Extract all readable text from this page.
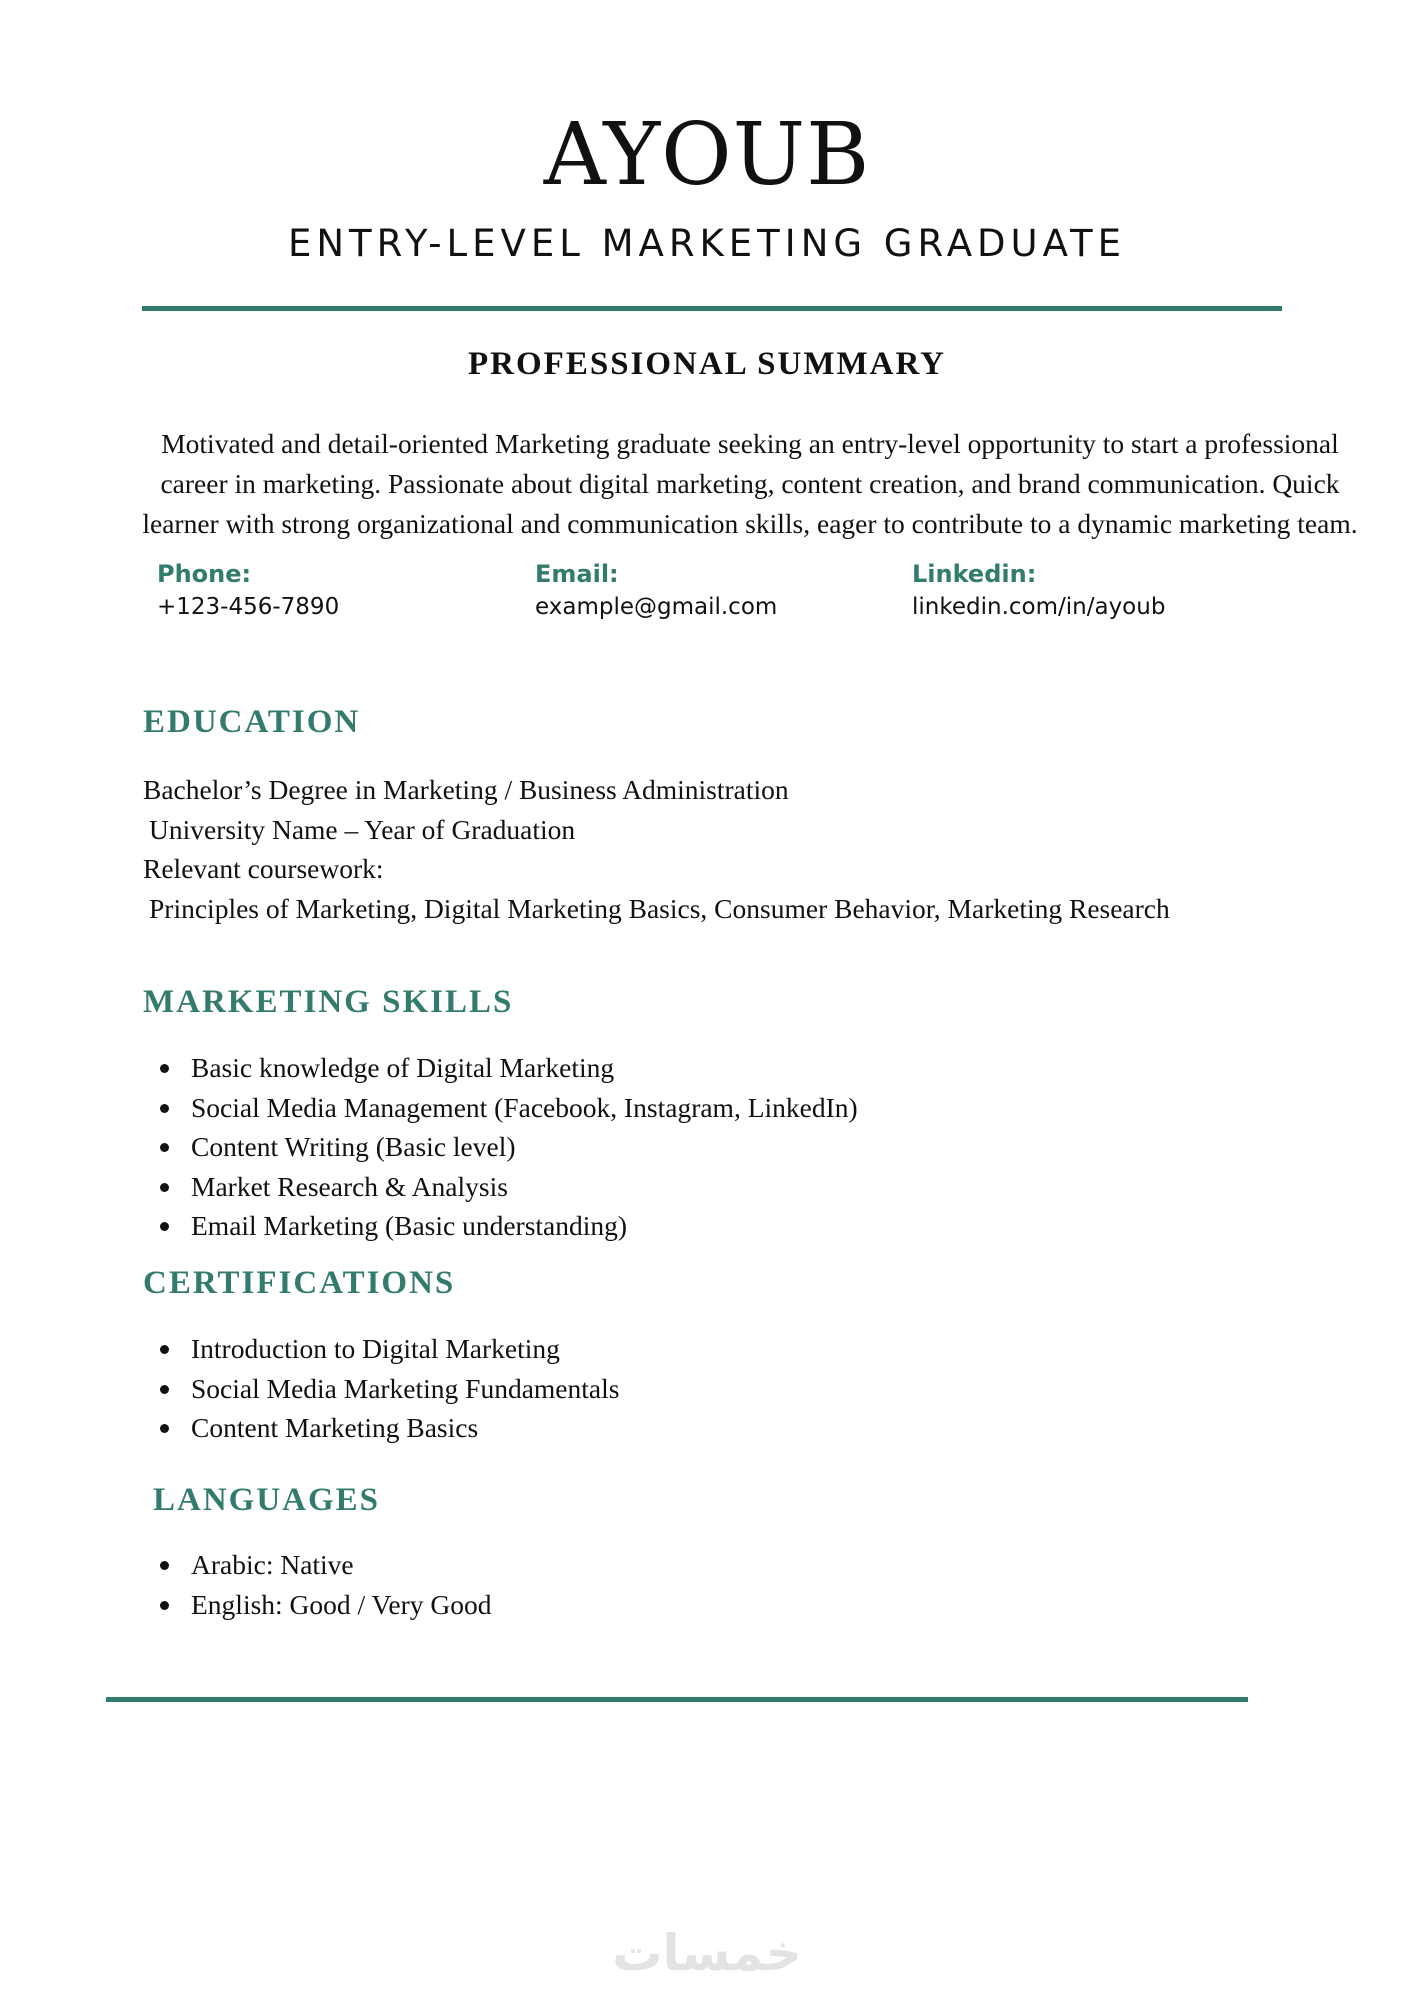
AYOUB
ENTRY-LEVEL MARKETING GRADUATE
PROFESSIONAL SUMMARY

Motivated and detail-oriented Marketing graduate seeking an entry-level opportunity to start a professional career in marketing. Passionate about digital marketing, content creation, and brand communication. Quick learner with strong organizational and communication skills, eager to contribute to a dynamic marketing team.

Phone:
+123-456-7890
Email:
example@gmail.com
Linkedin:
linkedin.com/in/ayoub
EDUCATION
Bachelor’s Degree in Marketing / Business Administration
University Name – Year of Graduation
Relevant coursework:
Principles of Marketing, Digital Marketing Basics, Consumer Behavior, Marketing Research
MARKETING SKILLS
Basic knowledge of Digital Marketing
Social Media Management (Facebook, Instagram, LinkedIn)
Content Writing (Basic level)
Market Research & Analysis
Email Marketing (Basic understanding)
CERTIFICATIONS
Introduction to Digital Marketing
Social Media Marketing Fundamentals
Content Marketing Basics
LANGUAGES
Arabic: Native
English: Good / Very Good
خمسات
